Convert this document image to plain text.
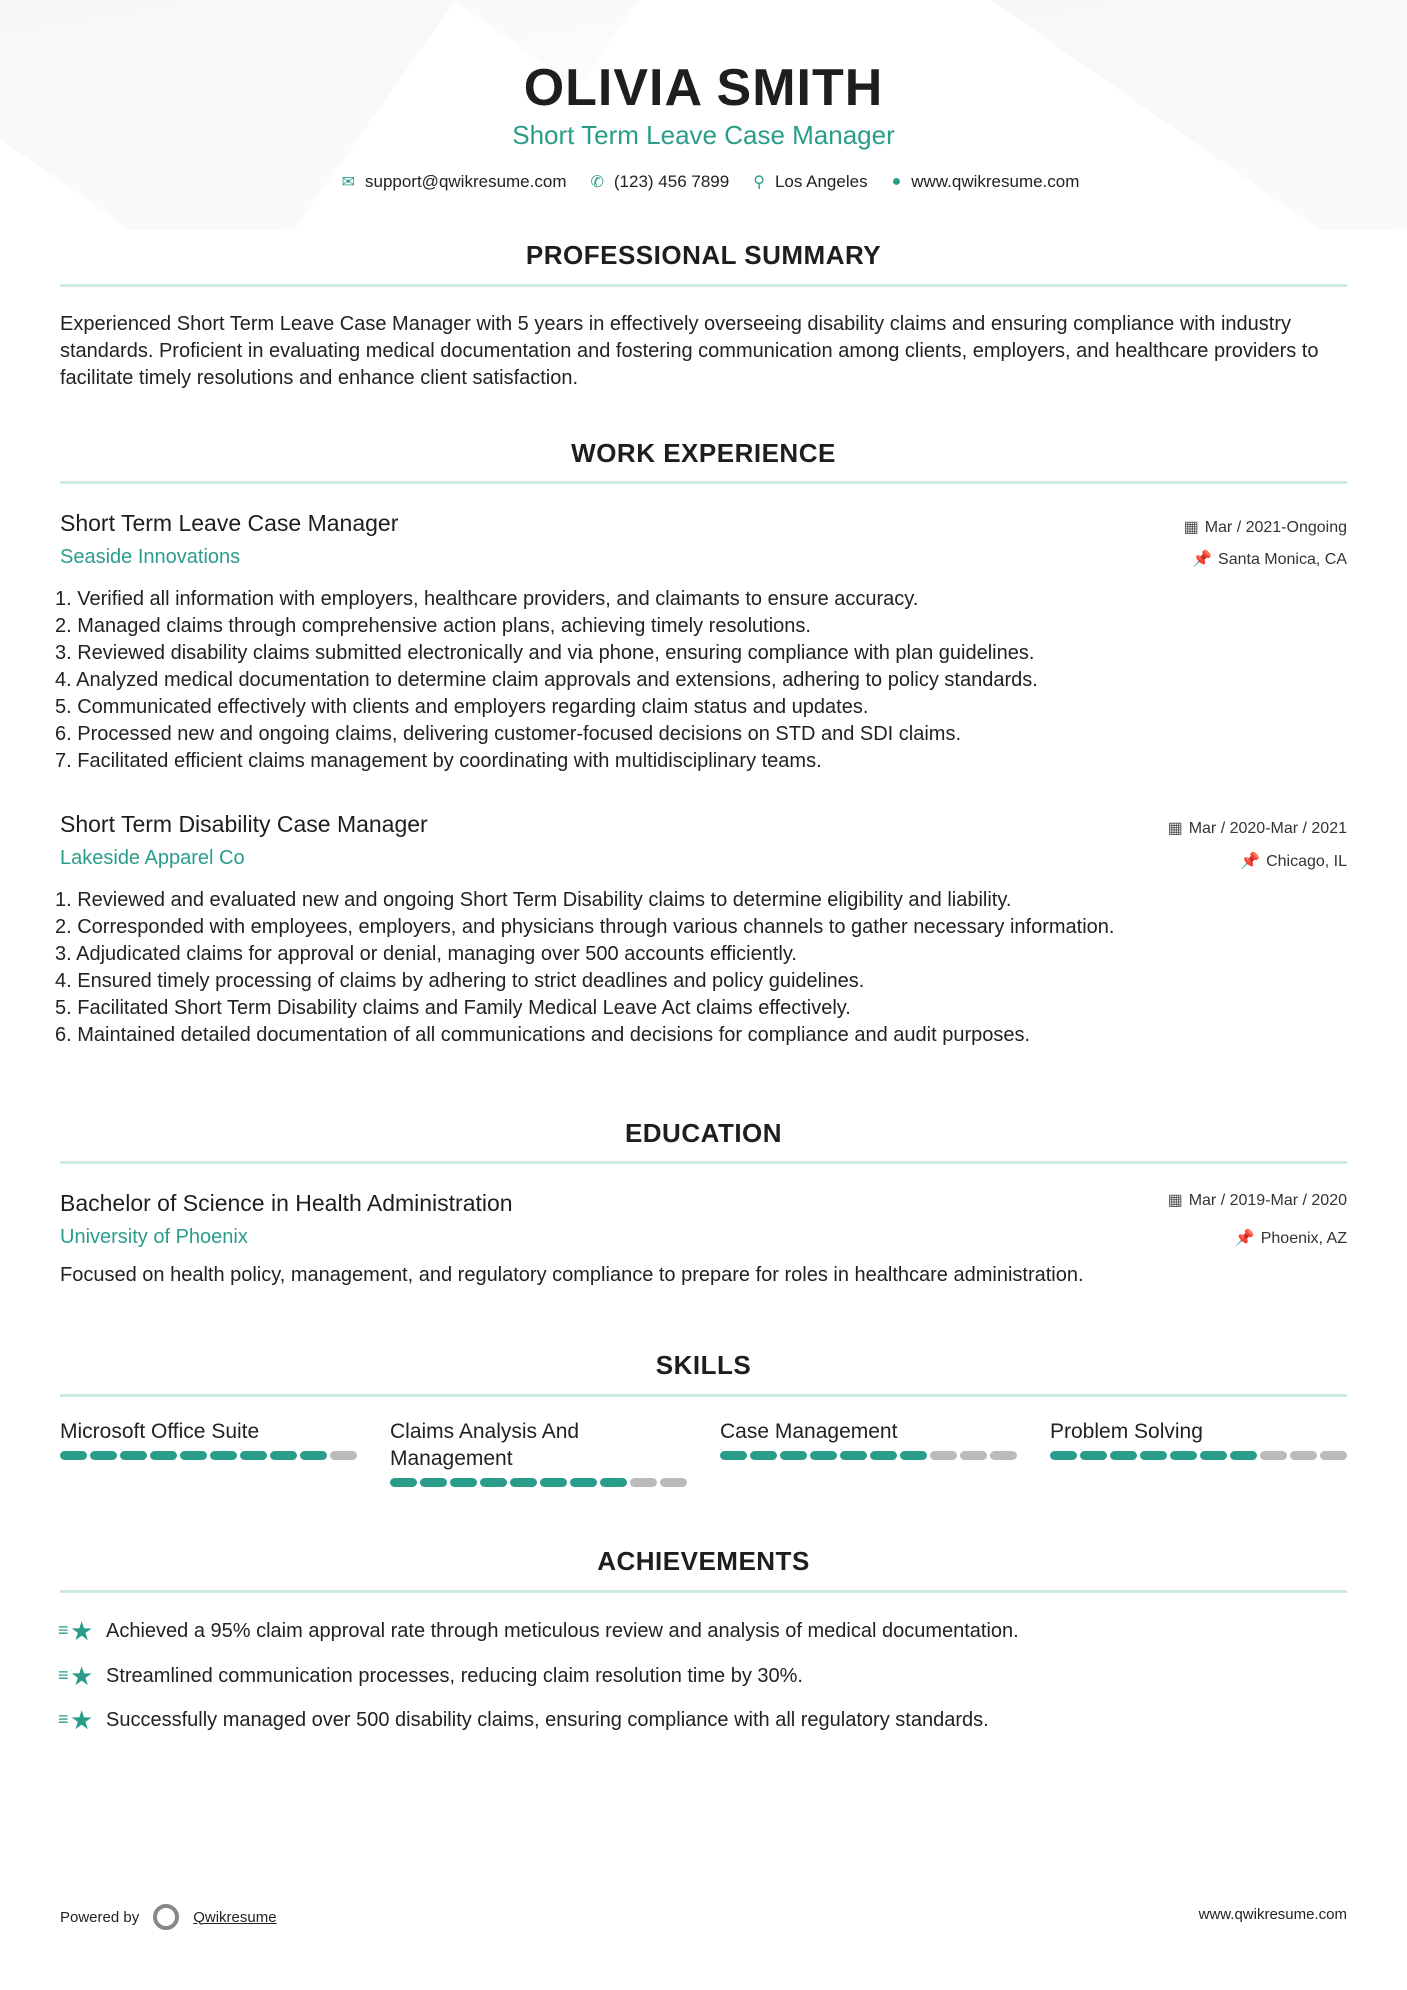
OLIVIA SMITH
Short Term Leave Case Manager
✉ support@qwikresume.com ✆ (123) 456 7899 ⚲ Los Angeles ● www.qwikresume.com
PROFESSIONAL SUMMARY
Experienced Short Term Leave Case Manager with 5 years in effectively overseeing disability claims and ensuring compliance with industry standards. Proficient in evaluating medical documentation and fostering communication among clients, employers, and healthcare providers to facilitate timely resolutions and enhance client satisfaction.
WORK EXPERIENCE
Short Term Leave Case Manager
Seaside Innovations
▦ Mar / 2021-Ongoing
📌 Santa Monica, CA
1. Verified all information with employers, healthcare providers, and claimants to ensure accuracy.
2. Managed claims through comprehensive action plans, achieving timely resolutions.
3. Reviewed disability claims submitted electronically and via phone, ensuring compliance with plan guidelines.
4. Analyzed medical documentation to determine claim approvals and extensions, adhering to policy standards.
5. Communicated effectively with clients and employers regarding claim status and updates.
6. Processed new and ongoing claims, delivering customer-focused decisions on STD and SDI claims.
7. Facilitated efficient claims management by coordinating with multidisciplinary teams.
Short Term Disability Case Manager
Lakeside Apparel Co
▦ Mar / 2020-Mar / 2021
📌 Chicago, IL
1. Reviewed and evaluated new and ongoing Short Term Disability claims to determine eligibility and liability.
2. Corresponded with employees, employers, and physicians through various channels to gather necessary information.
3. Adjudicated claims for approval or denial, managing over 500 accounts efficiently.
4. Ensured timely processing of claims by adhering to strict deadlines and policy guidelines.
5. Facilitated Short Term Disability claims and Family Medical Leave Act claims effectively.
6. Maintained detailed documentation of all communications and decisions for compliance and audit purposes.
EDUCATION
Bachelor of Science in Health Administration
University of Phoenix
▦ Mar / 2019-Mar / 2020
📌 Phoenix, AZ
Focused on health policy, management, and regulatory compliance to prepare for roles in healthcare administration.
SKILLS
Microsoft Office Suite	Claims Analysis And Management
Case Management	Problem Solving
ACHIEVEMENTS
≡ ★ Achieved a 95% claim approval rate through meticulous review and analysis of medical documentation.
≡ ★ Streamlined communication processes, reducing claim resolution time by 30%.
≡ ★ Successfully managed over 500 disability claims, ensuring compliance with all regulatory standards.
Powered by	Qwikresume	www.qwikresume.com
